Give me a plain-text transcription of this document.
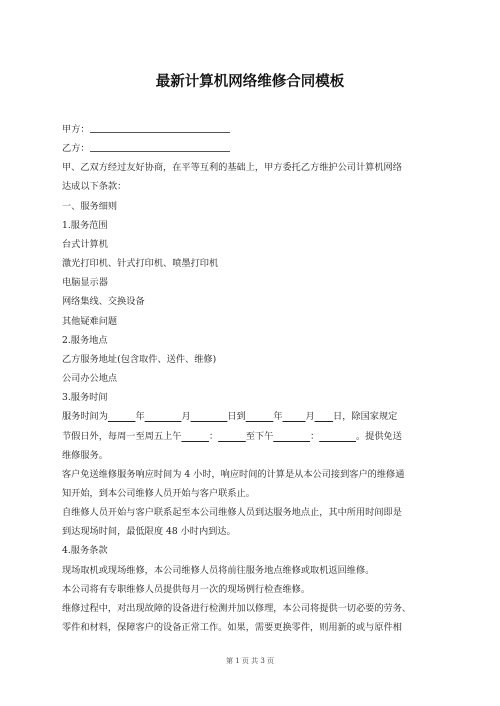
最新计算机网络维修合同模板
甲方：
乙方：
甲、乙双方经过友好协商，在平等互利的基础上，甲方委托乙方维护公司计算机网络
达成以下条款：
一、服务细则
1.服务范围
台式计算机
激光打印机、针式打印机、喷墨打印机
电脑显示器
网络集线、交换设备
其他疑难问题
2.服务地点
乙方服务地址(包含取件、送件、维修)
公司办公地点
3.服务时间
服务时间为______年________月________日到______年_____月____日，除国家规定
节假日外，每周一至周五上午______：______至下午________：________。提供免送
维修服务。
客户免送维修服务响应时间为 4 小时，响应时间的计算是从本公司接到客户的维修通
知开始，到本公司维修人员开始与客户联系止。
自维修人员开始与客户联系起至本公司维修人员到达服务地点止，其中所用时间即是
到达现场时间，最低限度 48 小时内到达。
4.服务条款
现场取机或现场维修，本公司维修人员将前往服务地点维修或取机返回维修。
本公司将有专职维修人员提供每月一次的现场例行检查维修。
维修过程中，对出现故障的设备进行检测并加以修理，本公司将提供一切必要的劳务、
零件和材料，保障客户的设备正常工作。如果，需要更换零件，则用新的或与原件相
第 1 页 共 3 页
